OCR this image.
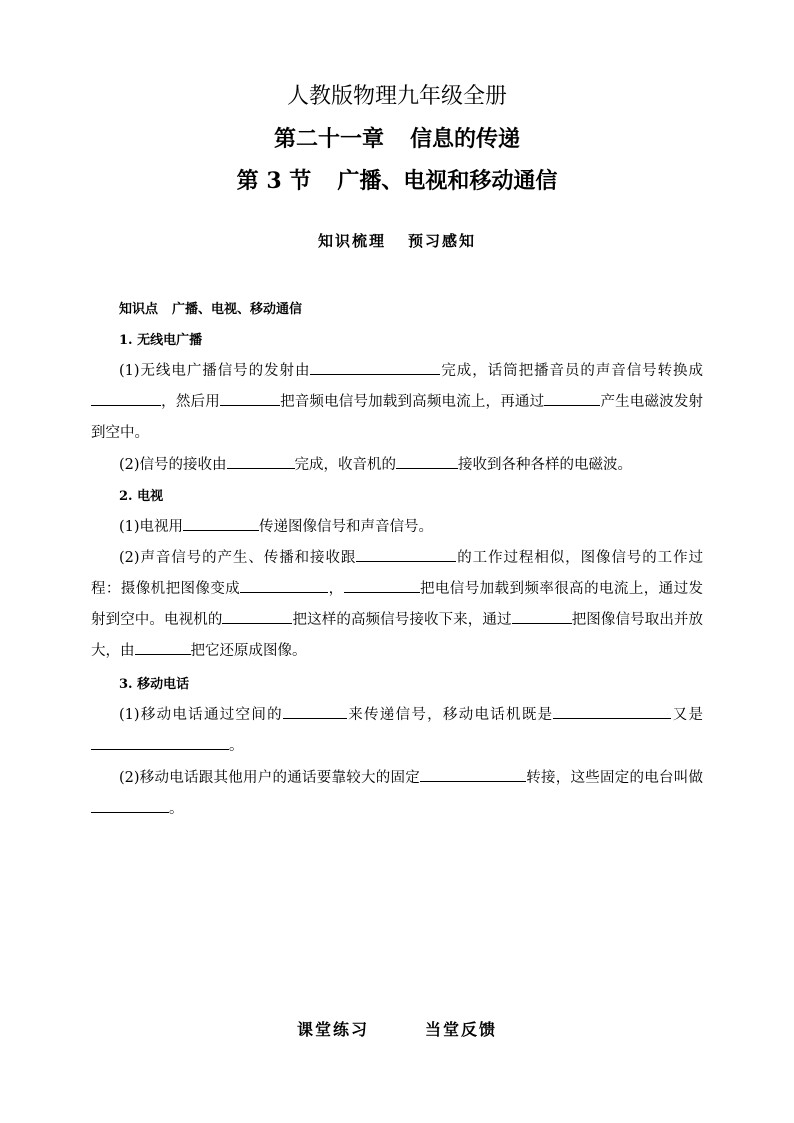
人教版物理九年级全册
第二十一章 信息的传递
第 3 节 广播、电视和移动通信
知识梳理 预习感知
知识点 广播、电视、移动通信
1. 无线电广播
(1)无线电广播信号的发射由	完成，话筒把播音员的声音信号转换成，然后用	把音频电信号加载到高频电流上，再通过	产生电磁波发射到空中。
(2)信号的接收由	完成，收音机的	接收到各种各样的电磁波。
2. 电视
(1)电视用	传递图像信号和声音信号。
(2)声音信号的产生、传播和接收跟	的工作过程相似，图像信号的工作过程：摄像机把图像变成	，	把电信号加载到频率很高的电流上，通过发射到空中。电视机的	把这样的高频信号接收下来，通过	把图像信号取出并放大，由	把它还原成图像。
3. 移动电话
(1)移动电话通过空间的	来传递信号，移动电话机既是	又是。
(2)移动电话跟其他用户的通话要靠较大的固定	转接，这些固定的电台叫做。
课堂练习	当堂反馈
